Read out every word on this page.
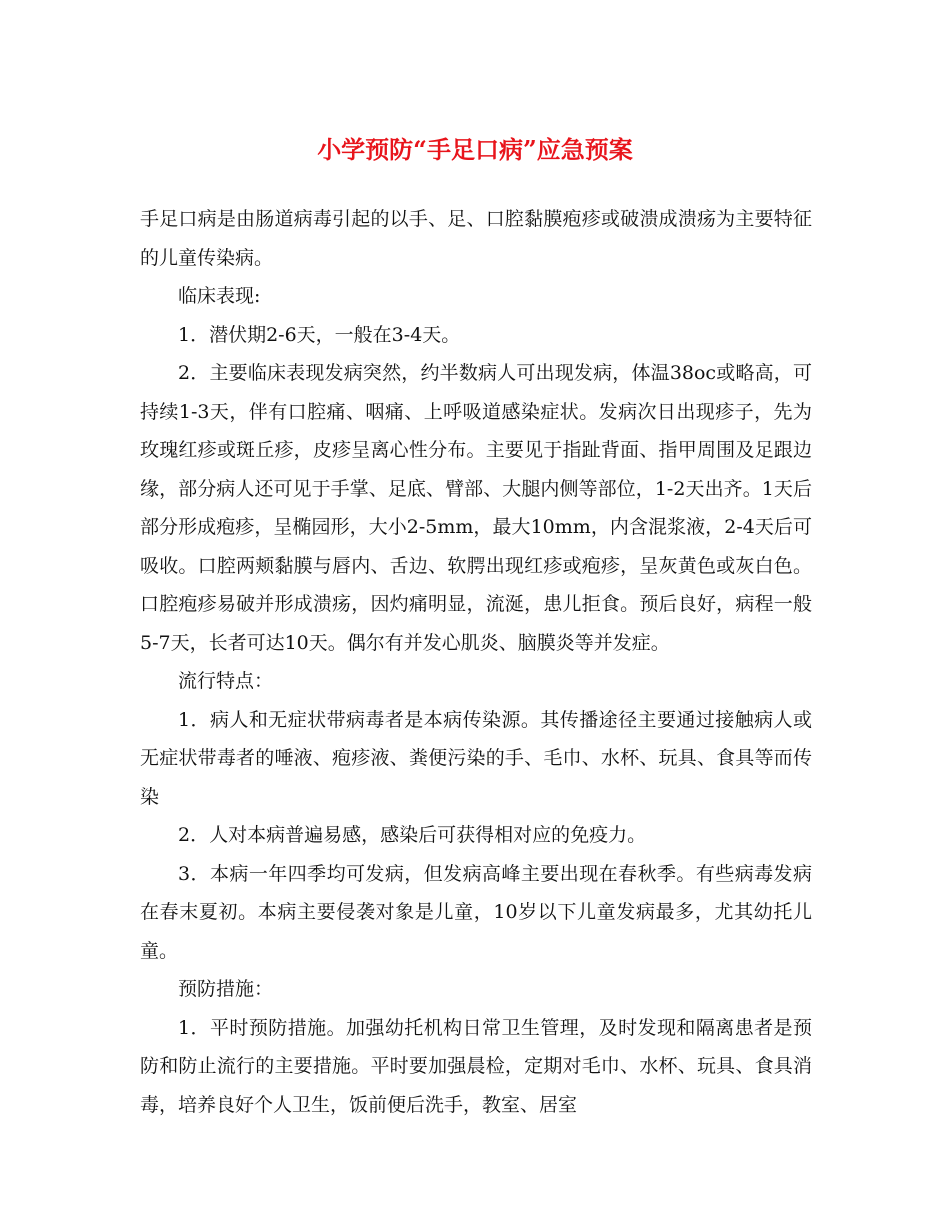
小学预防“手足口病”应急预案

手足口病是由肠道病毒引起的以手、足、口腔黏膜疱疹或破溃成溃疡为主要特征的儿童传染病。

临床表现:

1．潜伏期2-6天，一般在3-4天。

2．主要临床表现发病突然，约半数病人可出现发病，体温38oc或略高，可持续1-3天，伴有口腔痛、咽痛、上呼吸道感染症状。发病次日出现疹子，先为玫瑰红疹或斑丘疹，皮疹呈离心性分布。主要见于指趾背面、指甲周围及足跟边缘，部分病人还可见于手掌、足底、臂部、大腿内侧等部位，1-2天出齐。1天后部分形成疱疹，呈椭园形，大小2-5mm，最大10mm，内含混浆液，2-4天后可吸收。口腔两颊黏膜与唇内、舌边、软腭出现红疹或疱疹，呈灰黄色或灰白色。口腔疱疹易破并形成溃疡，因灼痛明显，流涎，患儿拒食。预后良好，病程一般5-7天，长者可达10天。偶尔有并发心肌炎、脑膜炎等并发症。

流行特点：

1．病人和无症状带病毒者是本病传染源。其传播途径主要通过接触病人或无症状带毒者的唾液、疱疹液、粪便污染的手、毛巾、水杯、玩具、食具等而传染

2．人对本病普遍易感，感染后可获得相对应的免疫力。

3．本病一年四季均可发病，但发病高峰主要出现在春秋季。有些病毒发病在春末夏初。本病主要侵袭对象是儿童，10岁以下儿童发病最多，尤其幼托儿童。

预防措施：

1．平时预防措施。加强幼托机构日常卫生管理，及时发现和隔离患者是预防和防止流行的主要措施。平时要加强晨检，定期对毛巾、水杯、玩具、食具消毒，培养良好个人卫生，饭前便后洗手，教室、居室
